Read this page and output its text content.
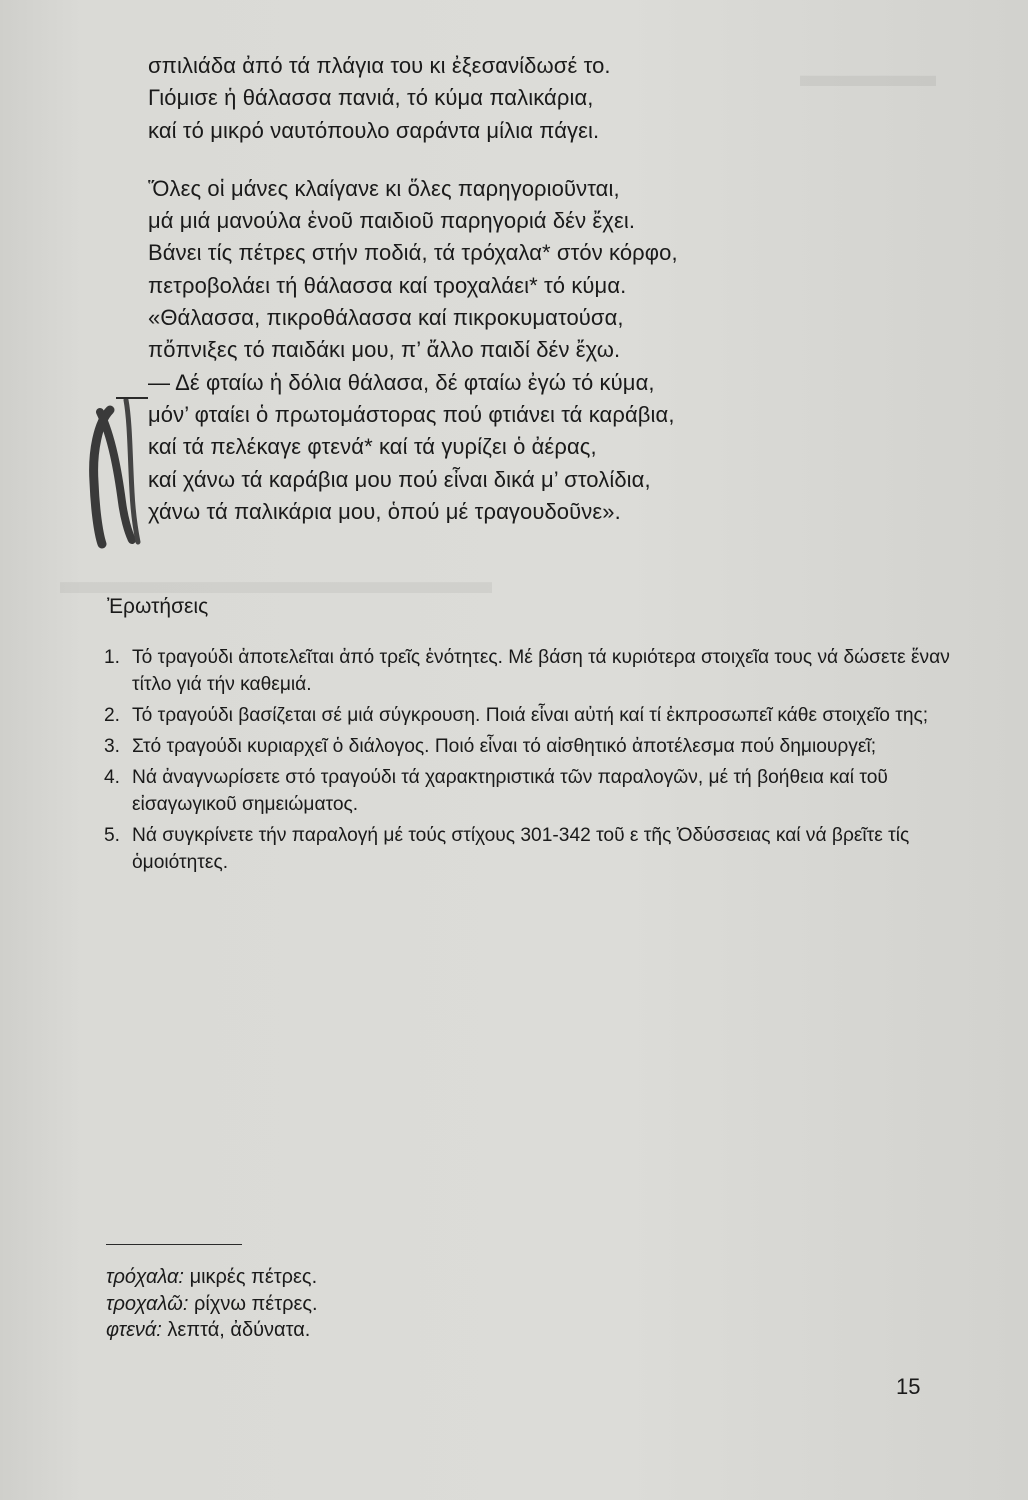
▬▬▬▬
▬▬▬▬▬▬▬▬▬▬▬▬
σπιλιάδα ἀπό τά πλάγια του κι ἐξεσανίδωσέ το.
Γιόμισε ἡ θάλασσα πανιά, τό κύμα παλικάρια,
καί τό μικρό ναυτόπουλο σαράντα μίλια πάγει.
Ὅλες οἱ μάνες κλαίγανε κι ὅλες παρηγοριοῦνται,
μά μιά μανούλα ἑνοῦ παιδιοῦ παρηγοριά δέν ἔχει.
Βάνει τίς πέτρες στήν ποδιά, τά τρόχαλα* στόν κόρφο,
πετροβολάει τή θάλασσα καί τροχαλάει* τό κύμα.
«Θάλασσα, πικροθάλασσα καί πικροκυματούσα,
πὄπνιξες τό παιδάκι μου, π’ ἄλλο παιδί δέν ἔχω.
— Δέ φταίω ἡ δόλια θάλασα, δέ φταίω ἐγώ τό κύμα,
μόν’ φταίει ὁ πρωτομάστορας πού φτιάνει τά καράβια,
καί τά πελέκαγε φτενά* καί τά γυρίζει ὁ ἀέρας,
καί χάνω τά καράβια μου πού εἶναι δικά μ’ στολίδια,
χάνω τά παλικάρια μου, ὁπού μέ τραγουδοῦνε».
Ἐρωτήσεις
1. Τό τραγούδι ἀποτελεῖται ἀπό τρεῖς ἑνότητες. Μέ βάση τά κυριότερα στοιχεῖα τους νά δώσετε ἕναν τίτλο γιά τήν καθεμιά.
2. Τό τραγούδι βασίζεται σέ μιά σύγκρουση. Ποιά εἶναι αὐτή καί τί ἐκπροσωπεῖ κάθε στοιχεῖο της;
3. Στό τραγούδι κυριαρχεῖ ὁ διάλογος. Ποιό εἶναι τό αἰσθητικό ἀποτέλεσμα πού δημιουργεῖ;
4. Νά ἀναγνωρίσετε στό τραγούδι τά χαρακτηριστικά τῶν παραλογῶν, μέ τή βοήθεια καί τοῦ εἰσαγωγικοῦ σημειώματος.
5. Νά συγκρίνετε τήν παραλογή μέ τούς στίχους 301-342 τοῦ ε τῆς Ὀδύσσειας καί νά βρεῖτε τίς ὁμοιότητες.
τρόχαλα: μικρές πέτρες.
τροχαλῶ: ρίχνω πέτρες.
φτενά: λεπτά, ἀδύνατα.
15
